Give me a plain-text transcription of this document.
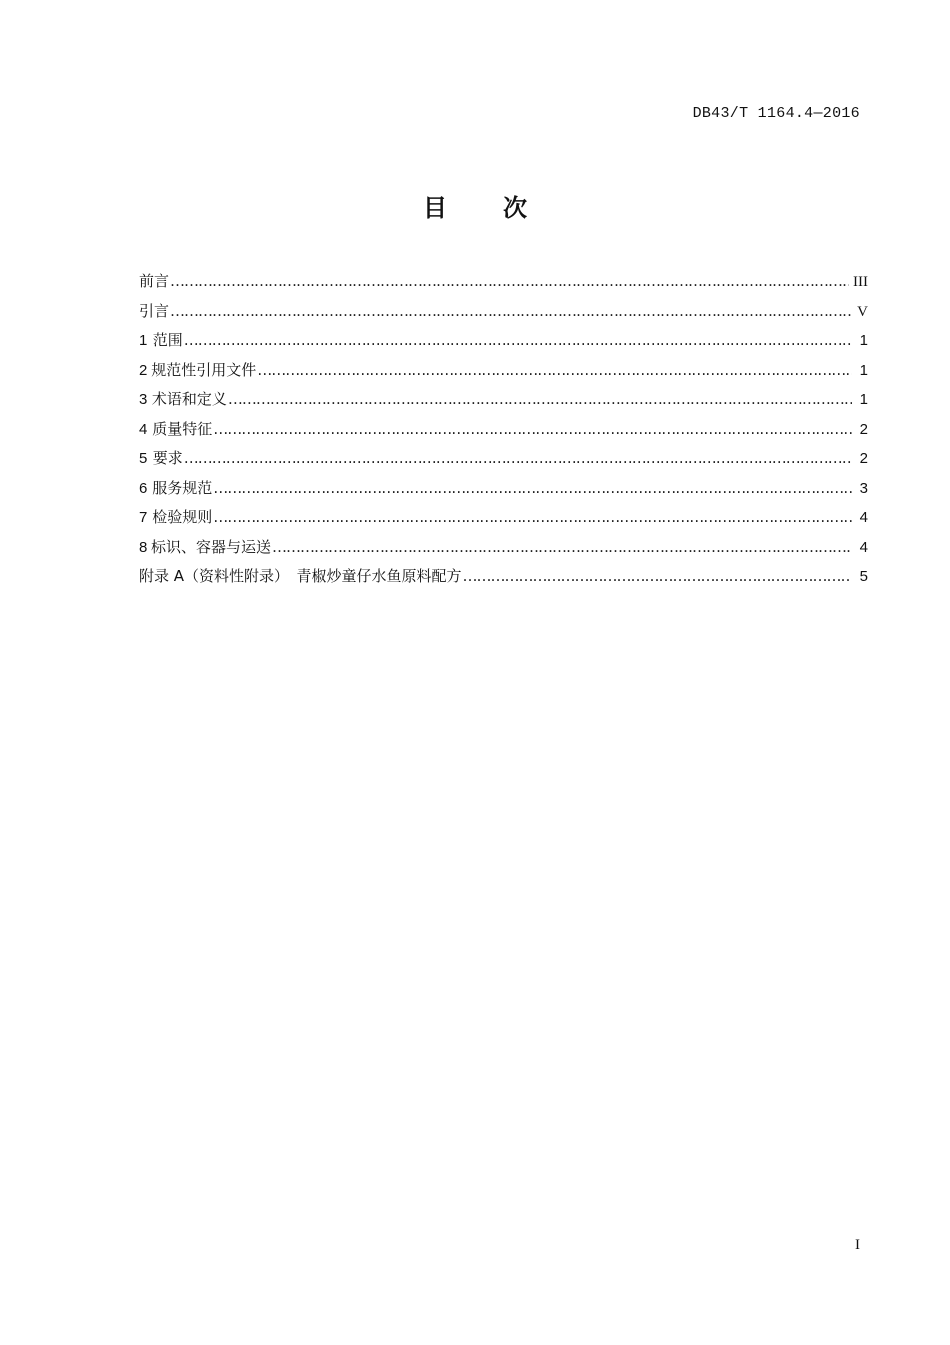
DB43/T 1164.4—2016
目次
前言 ………………………………………………………………………………………………………………………………………………………………………………………………………………………………………………	III
引言 ………………………………………………………………………………………………………………………………………………………………………………………………………………………………………………	V
1 范围 ………………………………………………………………………………………………………………………………………………………………………………………………………………………………………………	1
2 规范性引用文件 ………………………………………………………………………………………………………………………………………………………………………………………………………………………………………………	1
3 术语和定义 ………………………………………………………………………………………………………………………………………………………………………………………………………………………………………………	1
4 质量特征 ………………………………………………………………………………………………………………………………………………………………………………………………………………………………………………	2
5 要求 ………………………………………………………………………………………………………………………………………………………………………………………………………………………………………………	2
6 服务规范 ………………………………………………………………………………………………………………………………………………………………………………………………………………………………………………	3
7 检验规则 ………………………………………………………………………………………………………………………………………………………………………………………………………………………………………………	4
8 标识、容器与运送 ………………………………………………………………………………………………………………………………………………………………………………………………………………………………………………	4
附录 A（资料性附录）　青椒炒童仔水鱼原料配方 ………………………………………………………………………………………………………………………………………………………………………………………………………………………………………………	5
I
